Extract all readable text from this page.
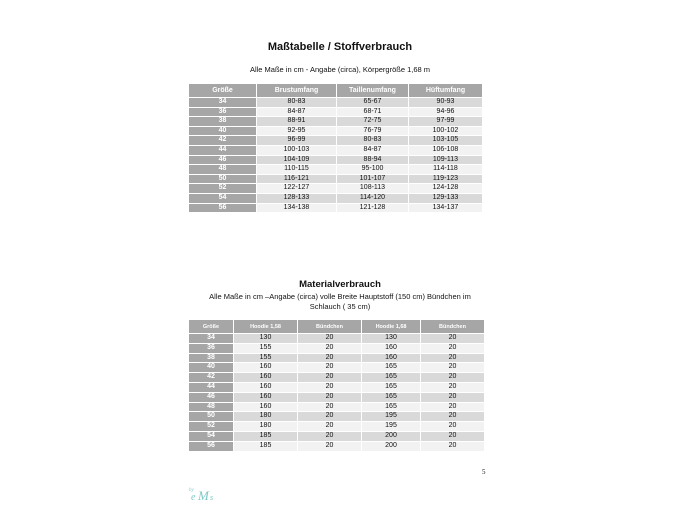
Maßtabelle / Stoffverbrauch
Alle Maße in cm - Angabe (circa), Körpergröße 1,68 m
Größe	Brustumfang	Taillenumfang	Hüftumfang
34	80-83	65-67	90-93
36	84-87	68-71	94-96
38	88-91	72-75	97-99
40	92-95	76-79	100-102
42	96-99	80-83	103-105
44	100-103	84-87	106-108
46	104-109	88-94	109-113
48	110-115	95-100	114-118
50	116-121	101-107	119-123
52	122-127	108-113	124-128
54	128-133	114-120	129-133
56	134-138	121-128	134-137
Materialverbrauch
Alle Maße in cm –Angabe (circa) volle Breite Hauptstoff (150 cm) Bündchen im Schlauch ( 35 cm)
Größe	Hoodie 1,58	Bündchen	Hoodie 1,68	Bündchen
34	130	20	130	20
36	155	20	160	20
38	155	20	160	20
40	160	20	165	20
42	160	20	165	20
44	160	20	165	20
46	160	20	165	20
48	160	20	165	20
50	180	20	195	20
52	180	20	195	20
54	185	20	200	20
56	185	20	200	20
5
by
e M s
